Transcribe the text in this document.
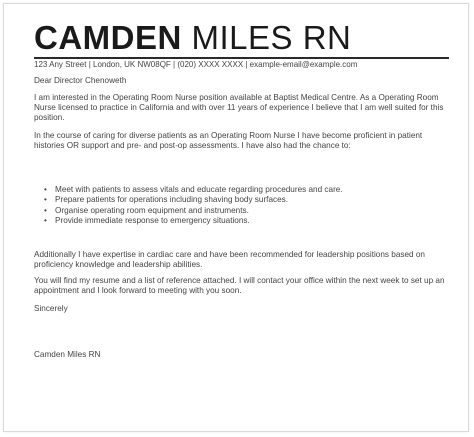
CAMDEN MILES RN
123 Any Street | London, UK NW08QF | (020) XXXX XXXX | example-email@example.com

Dear Director Chenoweth

I am interested in the Operating Room Nurse position available at Baptist Medical Centre. As a Operating Room Nurse licensed to practice in California and with over 11 years of experience I believe that I am well suited for this position.

In the course of caring for diverse patients as an Operating Room Nurse I have become proficient in patient histories OR support and pre- and post-op assessments. I have also had the chance to:

• Meet with patients to assess vitals and educate regarding procedures and care.
• Prepare patients for operations including shaving body surfaces.
• Organise operating room equipment and instruments.
• Provide immediate response to emergency situations.

Additionally I have expertise in cardiac care and have been recommended for leadership positions based on proficiency knowledge and leadership abilities.

You will find my resume and a list of reference attached. I will contact your office within the next week to set up an appointment and I look forward to meeting with you soon.

Sincerely

Camden Miles RN
